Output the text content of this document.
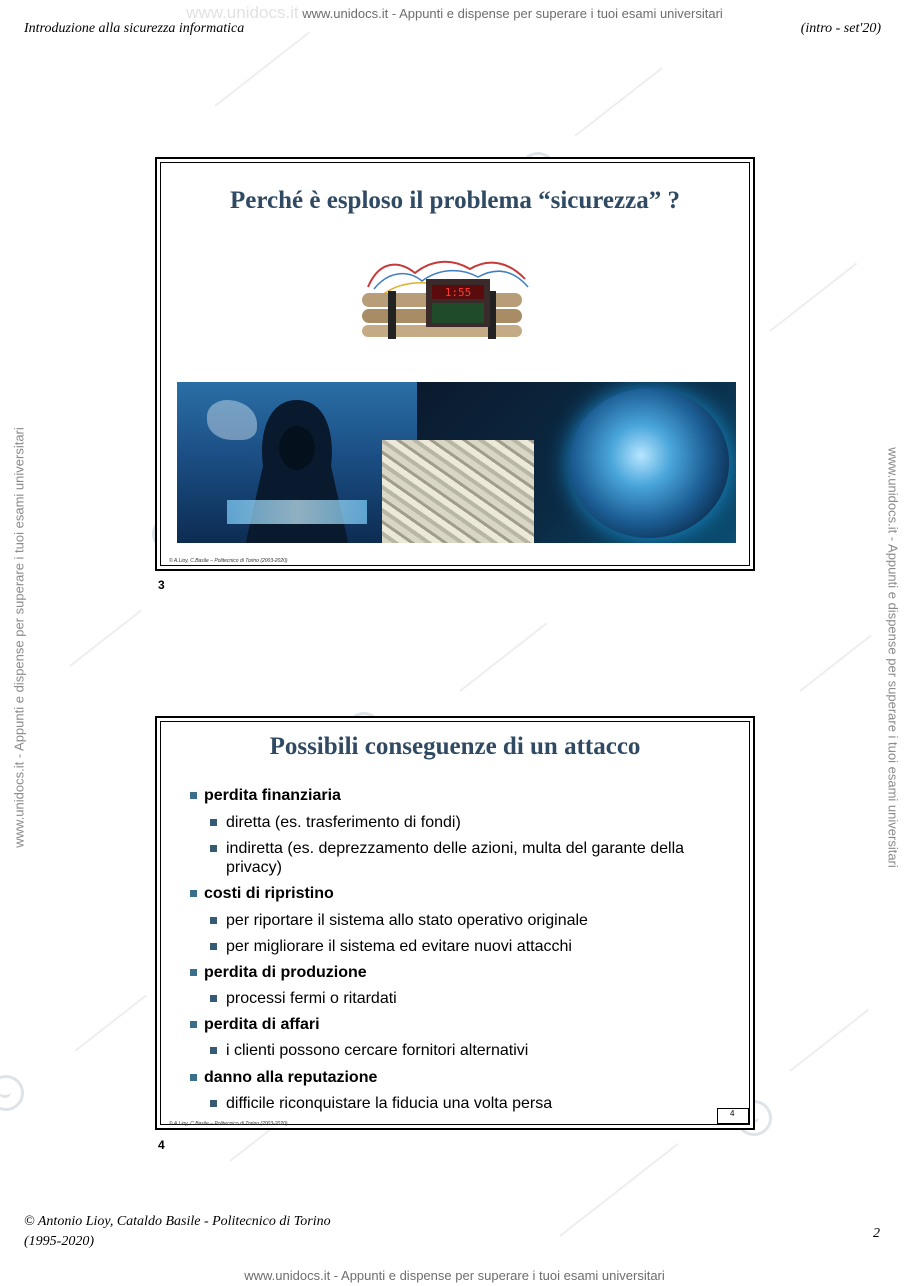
www.unidocs.it www.unidocs.it - Appunti e dispense per superare i tuoi esami universitari
www.unidocs.it - Appunti e dispense per superare i tuoi esami universitari
www.unidocs.it - Appunti e dispense per superare i tuoi esami universitari	www.unidocs.it - Appunti e dispense per superare i tuoi esami universitari
Introduzione alla sicurezza informatica	(intro - set'20)
Perché è esploso il problema “sicurezza” ?
1:55
© A.Lioy, C.Basile – Politecnico di Torino (2003-2020)
3
Possibili conseguenze di un attacco
perdita finanziaria
diretta (es. trasferimento di fondi)
indiretta (es. deprezzamento delle azioni, multa del garante della privacy)
costi di ripristino
per riportare il sistema allo stato operativo originale
per migliorare il sistema ed evitare nuovi attacchi
perdita di produzione
processi fermi o ritardati
perdita di affari
i clienti possono cercare fornitori alternativi
danno alla reputazione
difficile riconquistare la fiducia una volta persa
© A.Lioy, C.Basile – Politecnico di Torino (2003-2020)
4
4
© Antonio Lioy, Cataldo Basile - Politecnico di Torino
(1995-2020)
2
